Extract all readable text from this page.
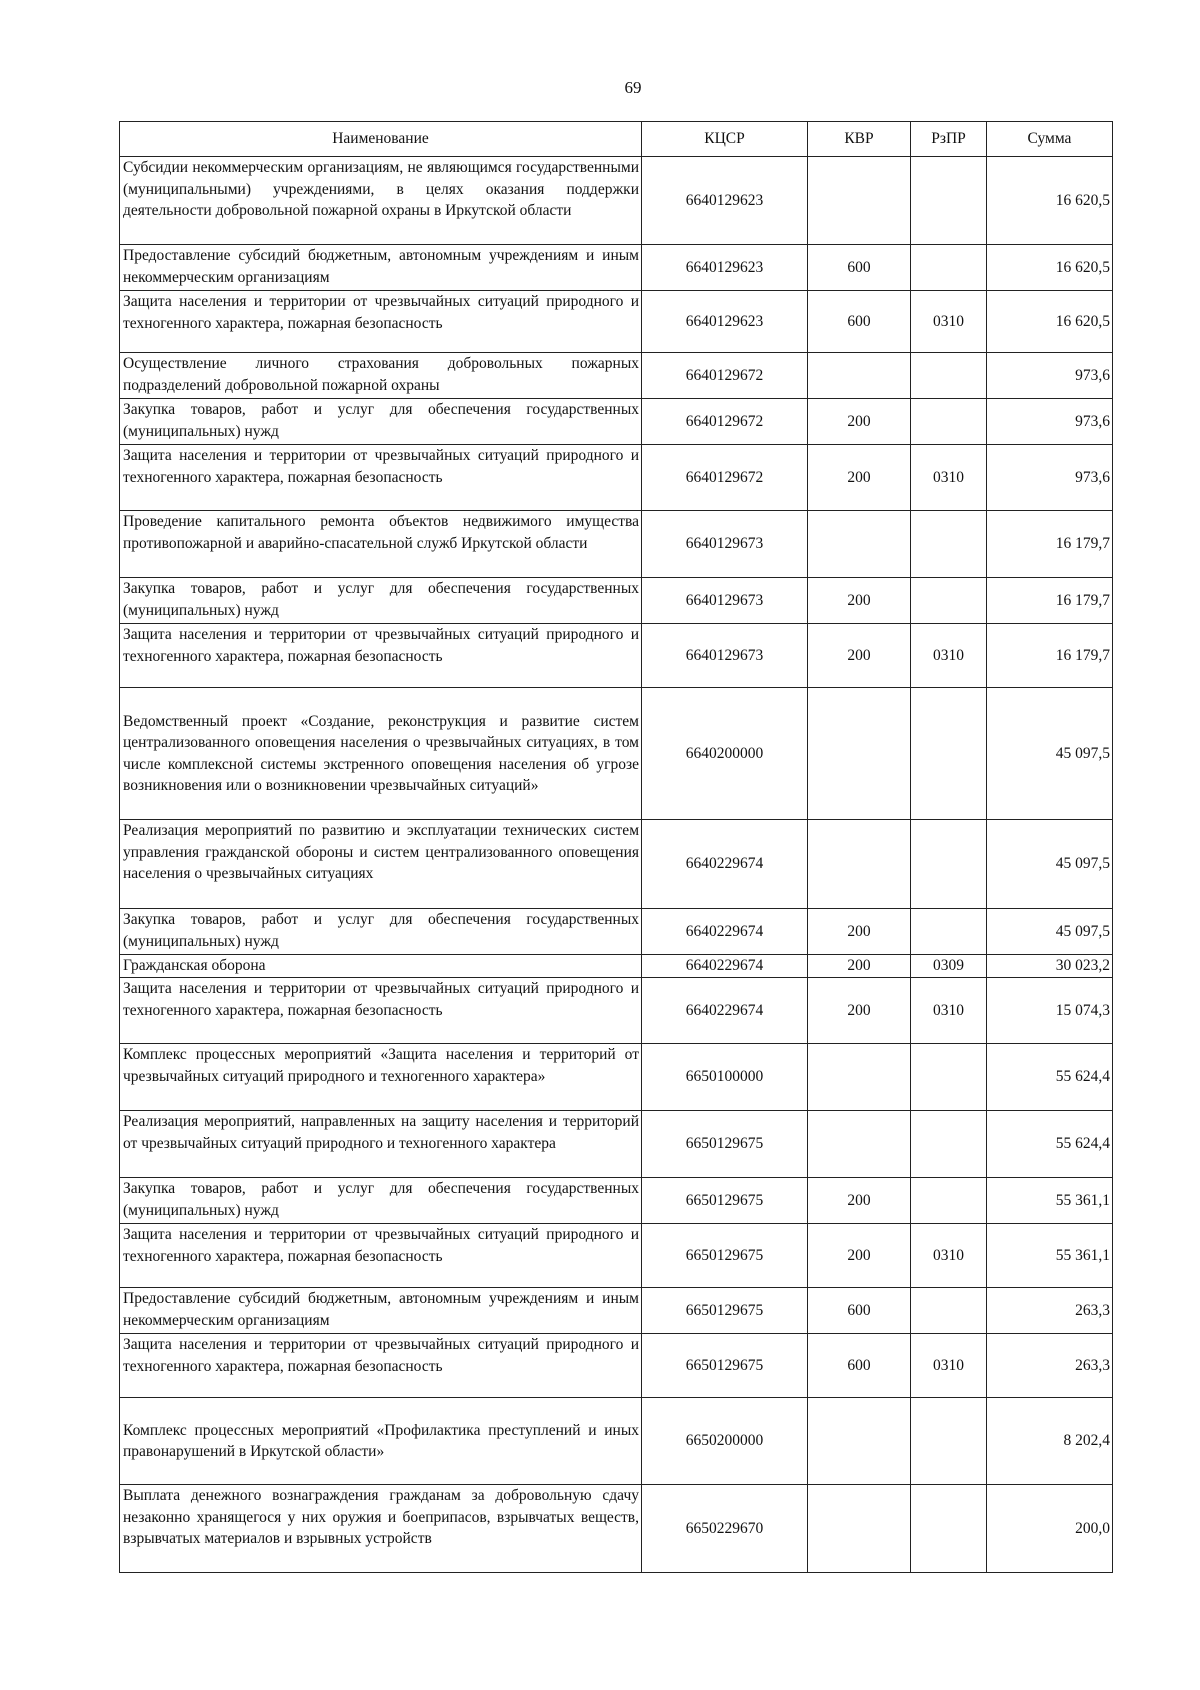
69
Наименование	КЦСР	КВР	РзПР	Сумма
Субсидии некоммерческим организациям, не являющимся государственными (муниципальными) учреждениями, в целях оказания поддержки деятельности добровольной пожарной охраны в Иркутской области	6640129623			16 620,5
Предоставление субсидий бюджетным, автономным учреждениям и иным некоммерческим организациям	6640129623	600		16 620,5
Защита населения и территории от чрезвычайных ситуаций природного и техногенного характера, пожарная безопасность	6640129623	600	0310	16 620,5
Осуществление личного страхования добровольных пожарных подразделений добровольной пожарной охраны	6640129672			973,6
Закупка товаров, работ и услуг для обеспечения государственных (муниципальных) нужд	6640129672	200		973,6
Защита населения и территории от чрезвычайных ситуаций природного и техногенного характера, пожарная безопасность	6640129672	200	0310	973,6
Проведение капитального ремонта объектов недвижимого имущества противопожарной и аварийно-спасательной служб Иркутской области	6640129673			16 179,7
Закупка товаров, работ и услуг для обеспечения государственных (муниципальных) нужд	6640129673	200		16 179,7
Защита населения и территории от чрезвычайных ситуаций природного и техногенного характера, пожарная безопасность	6640129673	200	0310	16 179,7
Ведомственный проект «Создание, реконструкция и развитие систем централизованного оповещения населения о чрезвычайных ситуациях, в том числе комплексной системы экстренного оповещения населения об угрозе возникновения или о возникновении чрезвычайных ситуаций»	6640200000			45 097,5
Реализация мероприятий по развитию и эксплуатации технических систем управления гражданской обороны и систем централизованного оповещения населения о чрезвычайных ситуациях	6640229674			45 097,5
Закупка товаров, работ и услуг для обеспечения государственных (муниципальных) нужд	6640229674	200		45 097,5
Гражданская оборона	6640229674	200	0309	30 023,2
Защита населения и территории от чрезвычайных ситуаций природного и техногенного характера, пожарная безопасность	6640229674	200	0310	15 074,3
Комплекс процессных мероприятий «Защита населения и территорий от чрезвычайных ситуаций природного и техногенного характера»	6650100000			55 624,4
Реализация мероприятий, направленных на защиту населения и территорий от чрезвычайных ситуаций природного и техногенного характера	6650129675			55 624,4
Закупка товаров, работ и услуг для обеспечения государственных (муниципальных) нужд	6650129675	200		55 361,1
Защита населения и территории от чрезвычайных ситуаций природного и техногенного характера, пожарная безопасность	6650129675	200	0310	55 361,1
Предоставление субсидий бюджетным, автономным учреждениям и иным некоммерческим организациям	6650129675	600		263,3
Защита населения и территории от чрезвычайных ситуаций природного и техногенного характера, пожарная безопасность	6650129675	600	0310	263,3
Комплекс процессных мероприятий «Профилактика преступлений и иных правонарушений в Иркутской области»	6650200000			8 202,4
Выплата денежного вознаграждения гражданам за добровольную сдачу незаконно хранящегося у них оружия и боеприпасов, взрывчатых веществ, взрывчатых материалов и взрывных устройств	6650229670			200,0
